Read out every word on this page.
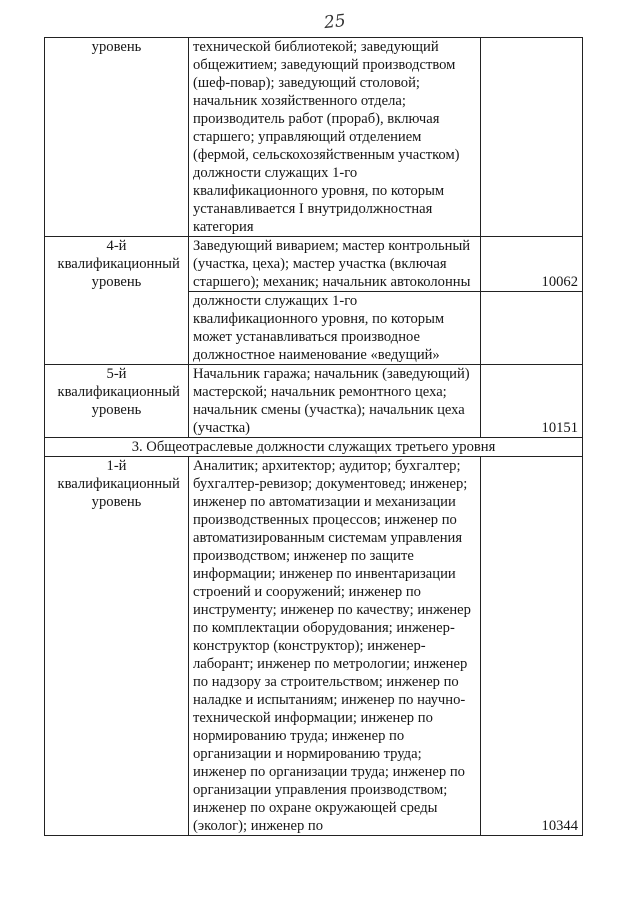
25
уровень	технической библиотекой; заведующий общежитием; заведующий производством (шеф-повар); заведующий столовой; начальник хозяйственного отдела; производитель работ (прораб), включая старшего; управляющий отделением (фермой, сельскохозяйственным участком) должности служащих 1-го квалификационного уровня, по которым устанавливается I внутридолжностная категория	

4-й квалификационный уровень	Заведующий виварием; мастер контрольный (участка, цеха); мастер участка (включая старшего); механик; начальник автоколонны	10062
	должности служащих 1-го квалификационного уровня, по которым может устанавливаться производное должностное наименование «ведущий»	

5-й квалификационный уровень	Начальник гаража; начальник (заведующий) мастерской; начальник ремонтного цеха; начальник смены (участка); начальник цеха (участка)	10151
3. Общеотраслевые должности служащих третьего уровня		

1-й квалификационный уровень	Аналитик; архитектор; аудитор; бухгалтер; бухгалтер-ревизор; документовед; инженер; инженер по автоматизации и механизации производственных процессов; инженер по автоматизированным системам управления производством; инженер по защите информации; инженер по инвентаризации строений и сооружений; инженер по инструменту; инженер по качеству; инженер по комплектации оборудования; инженер-конструктор (конструктор); инженер-лаборант; инженер по метрологии; инженер по надзору за строительством; инженер по наладке и испытаниям; инженер по научно-технической информации; инженер по нормированию труда; инженер по организации и нормированию труда; инженер по организации труда; инженер по организации управления производством; инженер по охране окружающей среды (эколог); инженер по	10344
